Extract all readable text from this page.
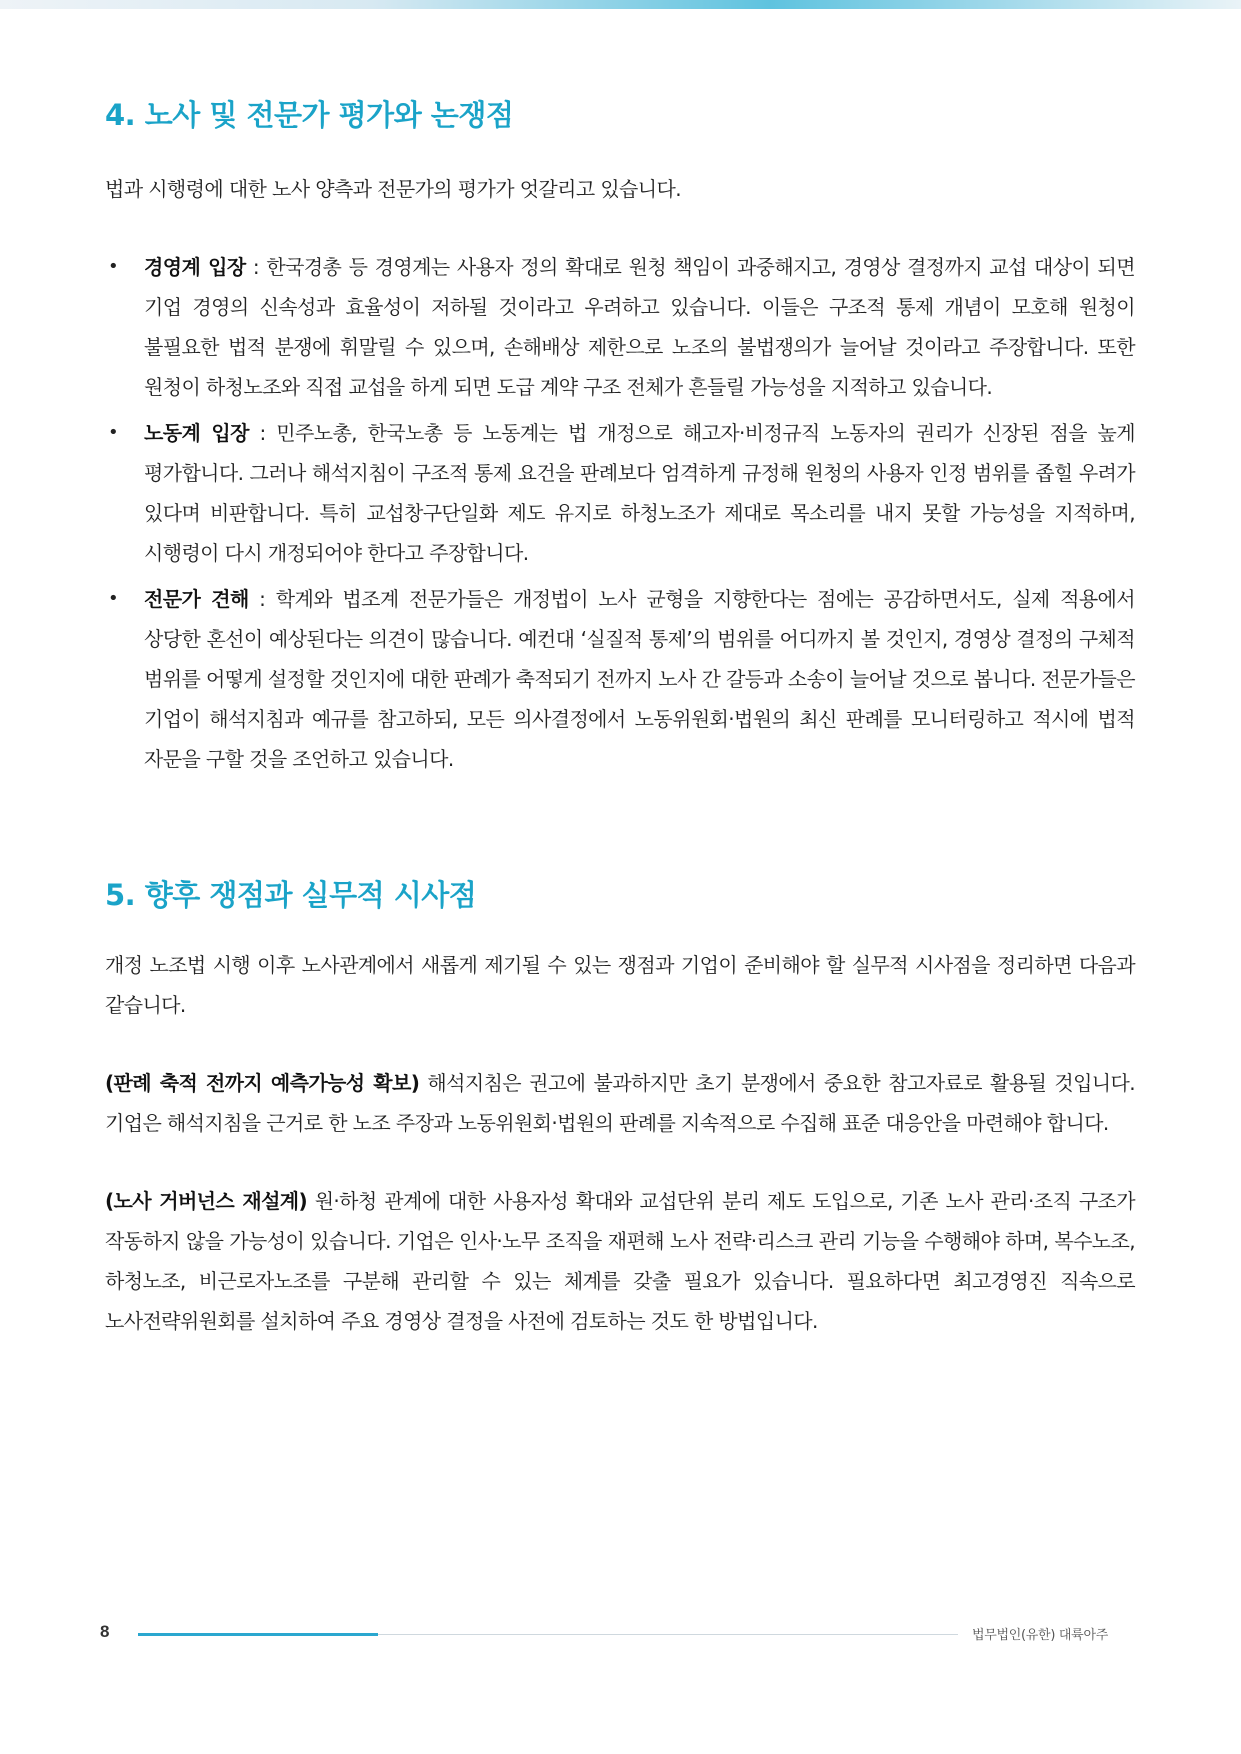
4. 노사 및 전문가 평가와 논쟁점

법과 시행령에 대한 노사 양측과 전문가의 평가가 엇갈리고 있습니다.

• 경영계 입장 : 한국경총 등 경영계는 사용자 정의 확대로 원청 책임이 과중해지고, 경영상 결정까지 교섭 대상이 되면 기업 경영의 신속성과 효율성이 저하될 것이라고 우려하고 있습니다. 이들은 구조적 통제 개념이 모호해 원청이 불필요한 법적 분쟁에 휘말릴 수 있으며, 손해배상 제한으로 노조의 불법쟁의가 늘어날 것이라고 주장합니다. 또한 원청이 하청노조와 직접 교섭을 하게 되면 도급 계약 구조 전체가 흔들릴 가능성을 지적하고 있습니다.
• 노동계 입장 : 민주노총, 한국노총 등 노동계는 법 개정으로 해고자·비정규직 노동자의 권리가 신장된 점을 높게 평가합니다. 그러나 해석지침이 구조적 통제 요건을 판례보다 엄격하게 규정해 원청의 사용자 인정 범위를 좁힐 우려가 있다며 비판합니다. 특히 교섭창구단일화 제도 유지로 하청노조가 제대로 목소리를 내지 못할 가능성을 지적하며, 시행령이 다시 개정되어야 한다고 주장합니다.
• 전문가 견해 : 학계와 법조계 전문가들은 개정법이 노사 균형을 지향한다는 점에는 공감하면서도, 실제 적용에서 상당한 혼선이 예상된다는 의견이 많습니다. 예컨대 ‘실질적 통제’의 범위를 어디까지 볼 것인지, 경영상 결정의 구체적 범위를 어떻게 설정할 것인지에 대한 판례가 축적되기 전까지 노사 간 갈등과 소송이 늘어날 것으로 봅니다. 전문가들은 기업이 해석지침과 예규를 참고하되, 모든 의사결정에서 노동위원회·법원의 최신 판례를 모니터링하고 적시에 법적 자문을 구할 것을 조언하고 있습니다.
5. 향후 쟁점과 실무적 시사점

개정 노조법 시행 이후 노사관계에서 새롭게 제기될 수 있는 쟁점과 기업이 준비해야 할 실무적 시사점을 정리하면 다음과 같습니다.

(판례 축적 전까지 예측가능성 확보) 해석지침은 권고에 불과하지만 초기 분쟁에서 중요한 참고자료로 활용될 것입니다. 기업은 해석지침을 근거로 한 노조 주장과 노동위원회·법원의 판례를 지속적으로 수집해 표준 대응안을 마련해야 합니다.

(노사 거버넌스 재설계) 원·하청 관계에 대한 사용자성 확대와 교섭단위 분리 제도 도입으로, 기존 노사 관리·조직 구조가 작동하지 않을 가능성이 있습니다. 기업은 인사·노무 조직을 재편해 노사 전략·리스크 관리 기능을 수행해야 하며, 복수노조, 하청노조, 비근로자노조를 구분해 관리할 수 있는 체계를 갖출 필요가 있습니다. 필요하다면 최고경영진 직속으로 노사전략위원회를 설치하여 주요 경영상 결정을 사전에 검토하는 것도 한 방법입니다.

8	법무법인(유한) 대륙아주
